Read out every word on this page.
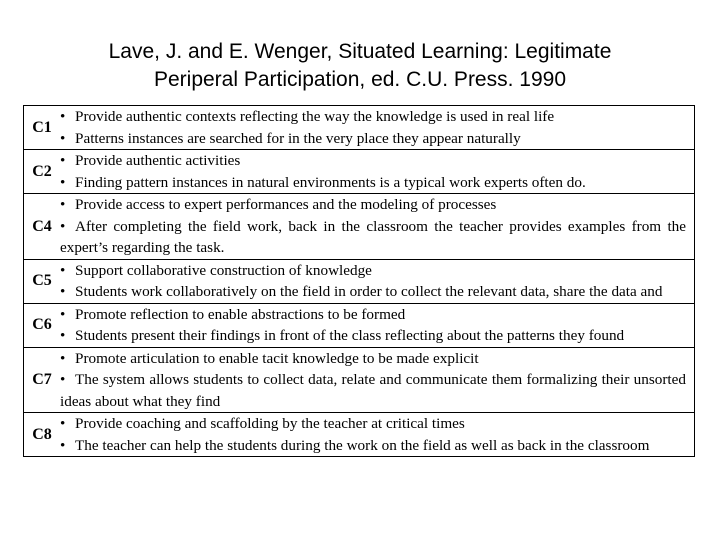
Lave, J. and E. Wenger, Situated Learning: Legitimate
Periperal Participation, ed. C.U. Press. 1990
C1	• Provide authentic contexts reflecting the way the knowledge is used in real life
• Patterns instances are searched for in the very place they appear naturally

C2	• Provide authentic activities
• Finding pattern instances in natural environments is a typical work experts often do.

C4	• Provide access to expert performances and the modeling of processes
• After completing the field work, back in the classroom the teacher provides examples from the expert’s regarding the task.

C5	• Support collaborative construction of knowledge
• Students work collaboratively on the field in order to collect the relevant data, share the data and

C6	• Promote reflection to enable abstractions to be formed
• Students present their findings in front of the class reflecting about the patterns they found

C7	• Promote articulation to enable tacit knowledge to be made explicit
• The system allows students to collect data, relate and communicate them formalizing their unsorted ideas about what they find

C8	• Provide coaching and scaffolding by the teacher at critical times
• The teacher can help the students during the work on the field as well as back in the classroom
